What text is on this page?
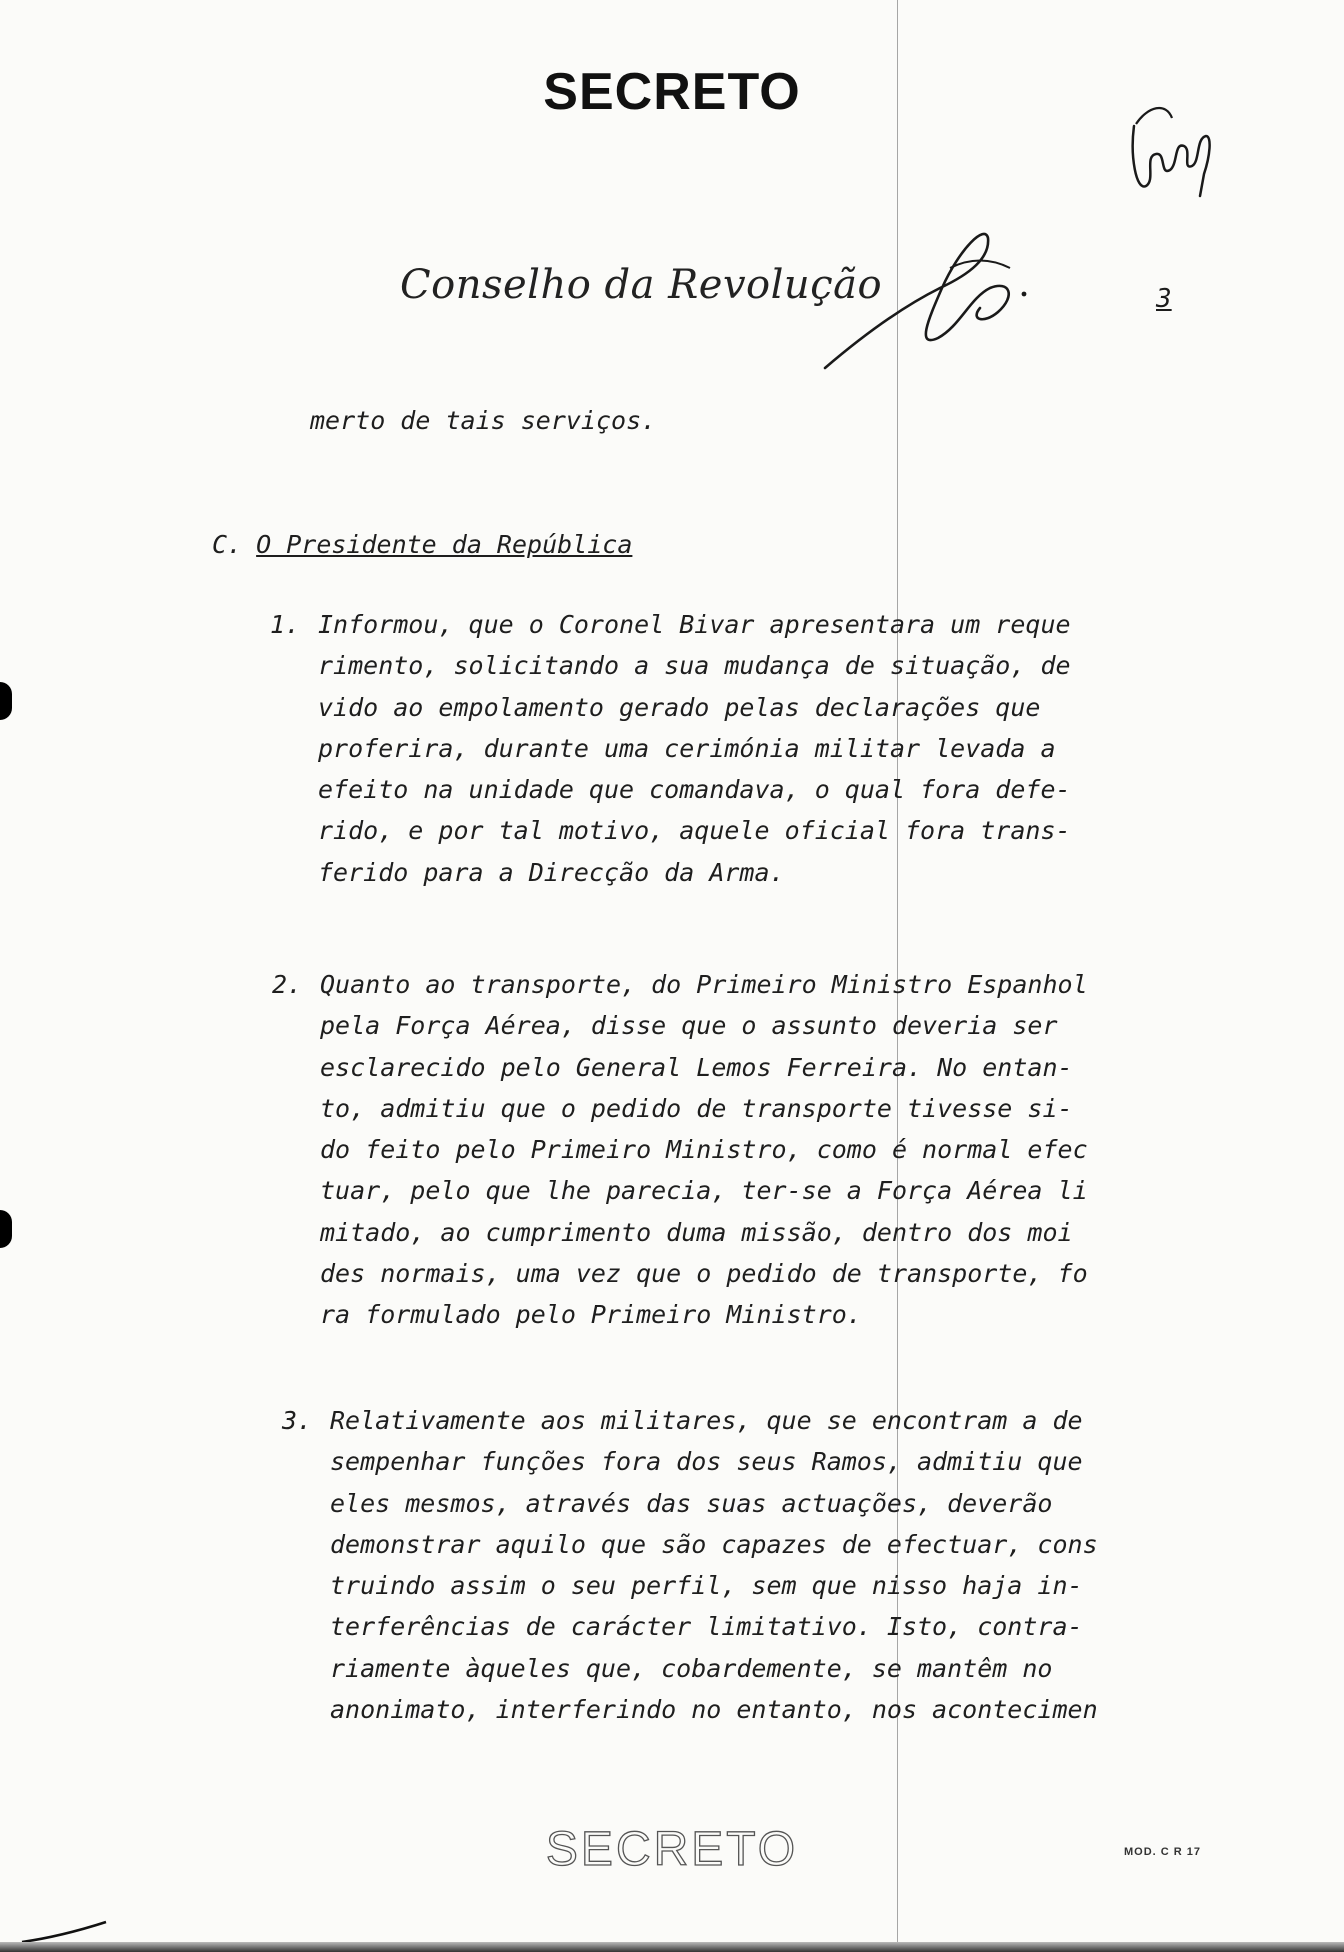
SECRETO
Conselho da Revolução	3
merto de tais serviços.
C. O Presidente da República
1. Informou, que o Coronel Bivar apresentara um reque
rimento, solicitando a sua mudança de situação, de
vido ao empolamento gerado pelas declarações que
proferira, durante uma cerimónia militar levada a
efeito na unidade que comandava, o qual fora defe-
rido, e por tal motivo, aquele oficial fora trans-
ferido para a Direcção da Arma.
2. Quanto ao transporte, do Primeiro Ministro Espanhol
pela Força Aérea, disse que o assunto deveria ser
esclarecido pelo General Lemos Ferreira. No entan-
to, admitiu que o pedido de transporte tivesse si-
do feito pelo Primeiro Ministro, como é normal efec
tuar, pelo que lhe parecia, ter-se a Força Aérea li
mitado, ao cumprimento duma missão, dentro dos moi
des normais, uma vez que o pedido de transporte, fo
ra formulado pelo Primeiro Ministro.
3. Relativamente aos militares, que se encontram a de
sempenhar funções fora dos seus Ramos, admitiu que
eles mesmos, através das suas actuações, deverão
demonstrar aquilo que são capazes de efectuar, cons
truindo assim o seu perfil, sem que nisso haja in-
terferências de carácter limitativo. Isto, contra-
riamente àqueles que, cobardemente, se mantêm no
anonimato, interferindo no entanto, nos acontecimen
SECRETO	MOD. C R 17
